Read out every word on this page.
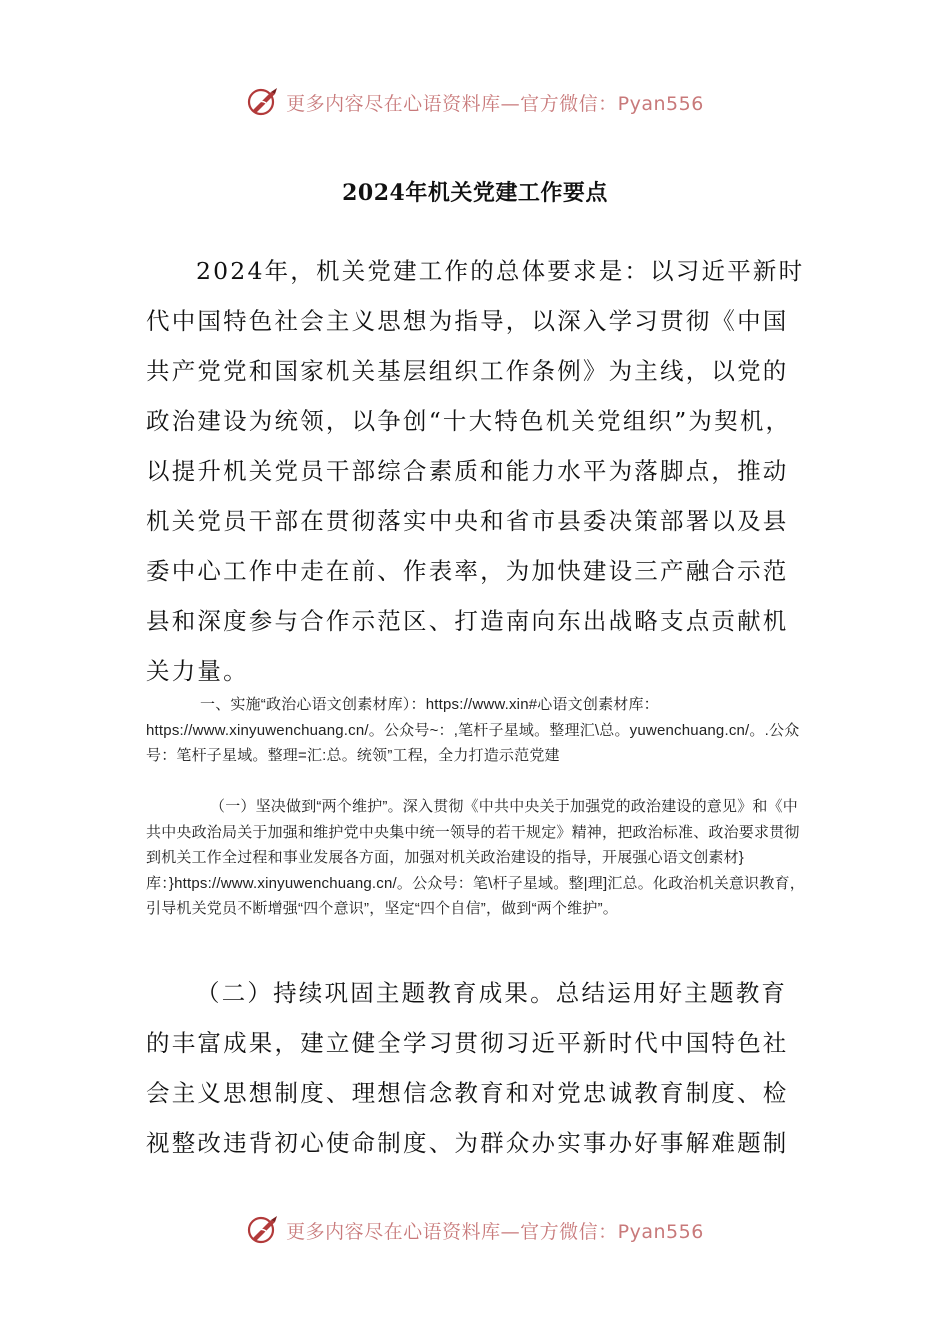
更多内容尽在心语资料库—官方微信：Pyan556
2024年机关党建工作要点

2024年，机关党建工作的总体要求是：以习近平新时代中国特色社会主义思想为指导，以深入学习贯彻《中国共产党党和国家机关基层组织工作条例》为主线，以党的政治建设为统领，以争创“十大特色机关党组织”为契机，以提升机关党员干部综合素质和能力水平为落脚点，推动机关党员干部在贯彻落实中央和省市县委决策部署以及县委中心工作中走在前、作表率，为加快建设三产融合示范县和深度参与合作示范区、打造南向东出战略支点贡献机关力量。

一、实施“政治心语文创素材库）：https://www.xin#心语文创素材库：https://www.xinyuwenchuang.cn/。公众号~：,笔杆子星域。整理汇\总。yuwenchuang.cn/。.公众号：笔杆子星域。整理=汇:总。统领”工程，全力打造示范党建

（一）坚决做到“两个维护”。深入贯彻《中共中央关于加强党的政治建设的意见》和《中共中央政治局关于加强和维护党中央集中统一领导的若干规定》精神，把政治标准、政治要求贯彻到机关工作全过程和事业发展各方面，加强对机关政治建设的指导，开展强心语文创素材}库：}https://www.xinyuwenchuang.cn/。公众号：笔\杆子星域。整|理]汇总。化政治机关意识教育，引导机关党员不断增强“四个意识”，坚定“四个自信”，做到“两个维护”。

（二）持续巩固主题教育成果。总结运用好主题教育的丰富成果，建立健全学习贯彻习近平新时代中国特色社会主义思想制度、理想信念教育和对党忠诚教育制度、检视整改违背初心使命制度、为群众办实事办好事解难题制

更多内容尽在心语资料库—官方微信：Pyan556
